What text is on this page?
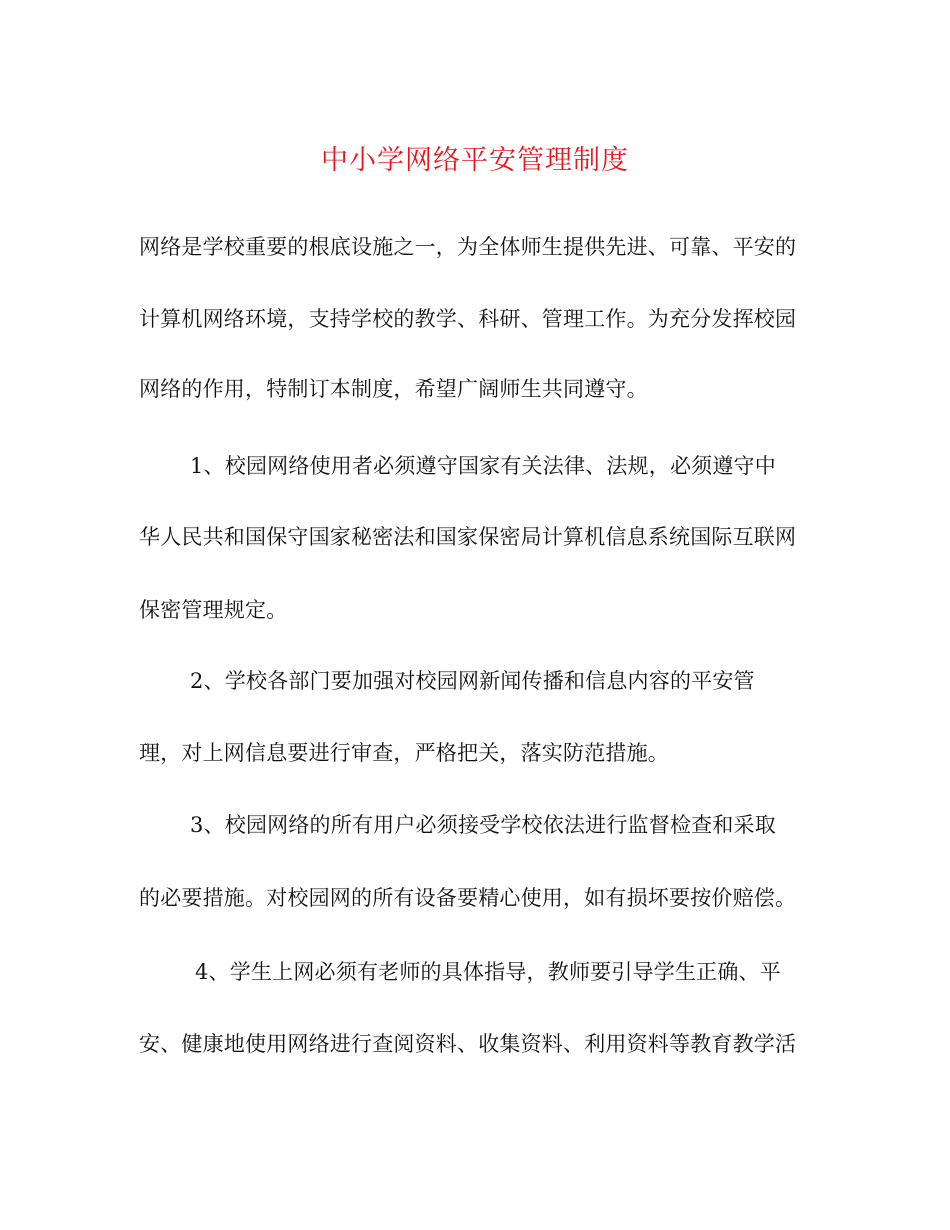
中小学网络平安管理制度
网络是学校重要的根底设施之一，为全体师生提供先进、可靠、平安的
计算机网络环境，支持学校的教学、科研、管理工作。为充分发挥校园
网络的作用，特制订本制度，希望广阔师生共同遵守。
1、校园网络使用者必须遵守国家有关法律、法规，必须遵守中
华人民共和国保守国家秘密法和国家保密局计算机信息系统国际互联网
保密管理规定。
2、学校各部门要加强对校园网新闻传播和信息内容的平安管
理，对上网信息要进行审查，严格把关，落实防范措施。
3、校园网络的所有用户必须接受学校依法进行监督检查和采取
的必要措施。对校园网的所有设备要精心使用，如有损坏要按价赔偿。
4、学生上网必须有老师的具体指导，教师要引导学生正确、平
安、健康地使用网络进行查阅资料、收集资料、利用资料等教育教学活
